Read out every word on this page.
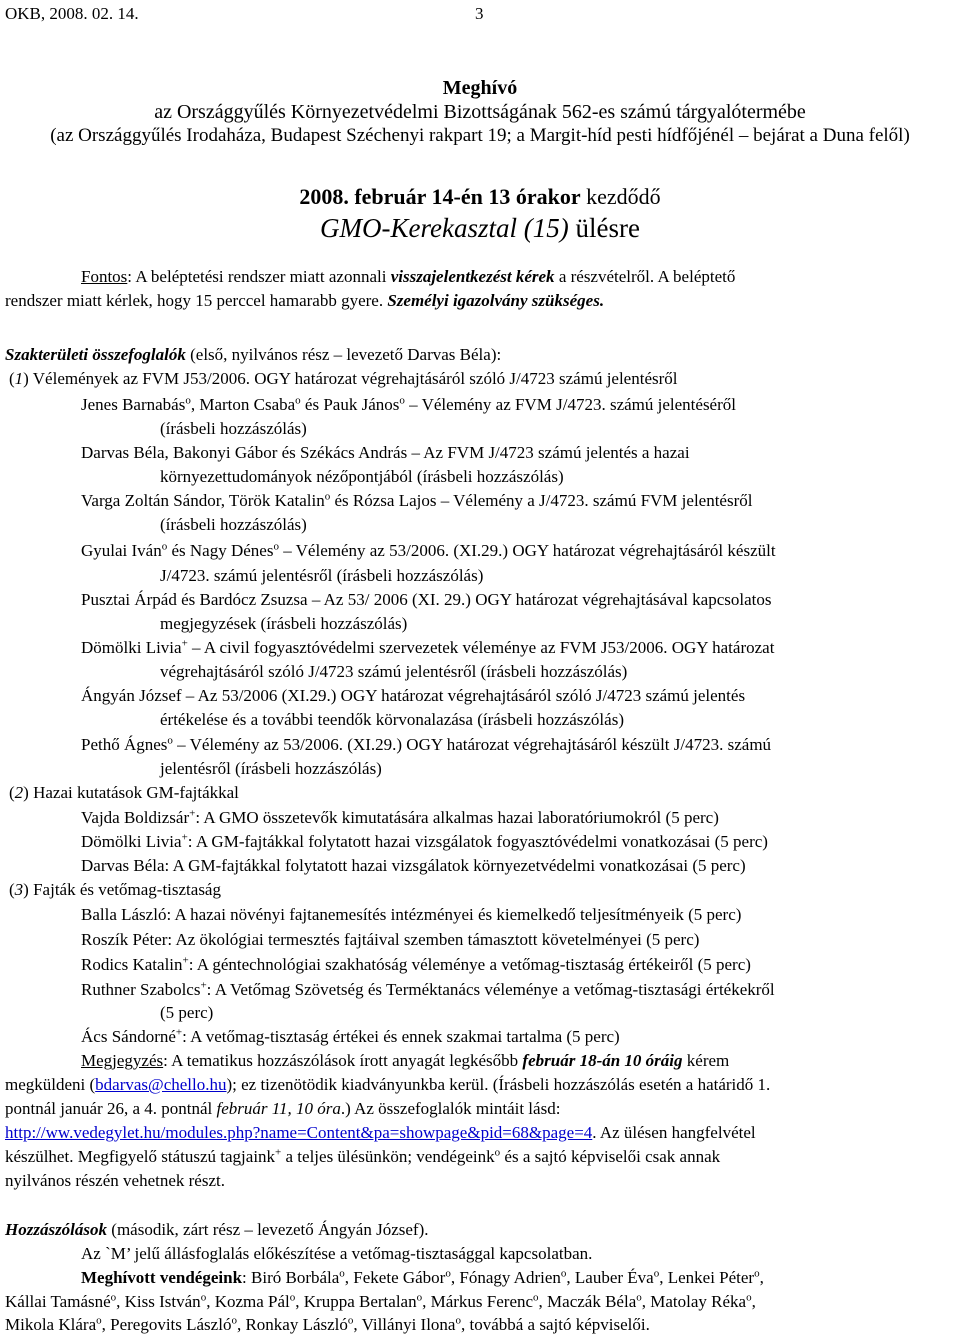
OKB, 2008. 02. 14.	3
Meghívó
az Országgyűlés Környezetvédelmi Bizottságának 562-es számú tárgyalótermébe
(az Országgyűlés Irodaháza, Budapest Széchenyi rakpart 19; a Margit-híd pesti hídfőjénél – bejárat a Duna felől)
2008. február 14-én 13 órakor kezdődő
GMO-Kerekasztal (15) ülésre
Fontos: A beléptetési rendszer miatt azonnali visszajelentkezést kérek a részvételről. A beléptető
rendszer miatt kérlek, hogy 15 perccel hamarabb gyere. Személyi igazolvány szükséges.
Szakterületi összefoglalók (első, nyilvános rész – levezető Darvas Béla):
(1) Vélemények az FVM J53/2006. OGY határozat végrehajtásáról szóló J/4723 számú jelentésről
Jenes Barnabás$^o$, Marton Csaba$^o$ és Pauk János$^o$ – Vélemény az FVM J/4723. számú jelentéséről
(írásbeli hozzászólás)
Darvas Béla, Bakonyi Gábor és Székács András – Az FVM J/4723 számú jelentés a hazai
környezettudományok nézőpontjából (írásbeli hozzászólás)
Varga Zoltán Sándor, Török Katalin$^o$ és Rózsa Lajos – Vélemény a J/4723. számú FVM jelentésről
(írásbeli hozzászólás)
Gyulai Iván$^o$ és Nagy Dénes$^o$ – Vélemény az 53/2006. (XI.29.) OGY határozat végrehajtásáról készült
J/4723. számú jelentésről (írásbeli hozzászólás)
Pusztai Árpád és Bardócz Zsuzsa – Az 53/ 2006 (XI. 29.) OGY határozat végrehajtásával kapcsolatos
megjegyzések (írásbeli hozzászólás)
Dömölki Livia+ – A civil fogyasztóvédelmi szervezetek véleménye az FVM J53/2006. OGY határozat
végrehajtásáról szóló J/4723 számú jelentésről (írásbeli hozzászólás)
Ángyán József – Az 53/2006 (XI.29.) OGY határozat végrehajtásáról szóló J/4723 számú jelentés
értékelése és a további teendők körvonalazása (írásbeli hozzászólás)
Pethő Ágnes$^o$ – Vélemény az 53/2006. (XI.29.) OGY határozat végrehajtásáról készült J/4723. számú
jelentésről (írásbeli hozzászólás)
(2) Hazai kutatások GM-fajtákkal
Vajda Boldizsár+: A GMO összetevők kimutatására alkalmas hazai laboratóriumokról (5 perc)
Dömölki Livia+: A GM-fajtákkal folytatott hazai vizsgálatok fogyasztóvédelmi vonatkozásai (5 perc)
Darvas Béla: A GM-fajtákkal folytatott hazai vizsgálatok környezetvédelmi vonatkozásai (5 perc)
(3) Fajták és vetőmag-tisztaság
Balla László: A hazai növényi fajtanemesítés intézményei és kiemelkedő teljesítményeik (5 perc)
Roszík Péter: Az ökológiai termesztés fajtáival szemben támasztott követelményei (5 perc)
Rodics Katalin+: A géntechnológiai szakhatóság véleménye a vetőmag-tisztaság értékeiről (5 perc)
Ruthner Szabolcs+: A Vetőmag Szövetség és Terméktanács véleménye a vetőmag-tisztasági értékekről
(5 perc)
Ács Sándorné+: A vetőmag-tisztaság értékei és ennek szakmai tartalma (5 perc)
Megjegyzés: A tematikus hozzászólások írott anyagát legkésőbb február 18-án 10 óráig kérem
megküldeni (bdarvas@chello.hu); ez tizenötödik kiadványunkba kerül. (Írásbeli hozzászólás esetén a határidő 1.
pontnál január 26, a 4. pontnál február 11, 10 óra.) Az összefoglalók mintáit lásd:
http://ww.vedegylet.hu/modules.php?name=Content&pa=showpage&pid=68&page=4. Az ülésen hangfelvétel
készülhet. Megfigyelő státuszú tagjaink+ a teljes ülésünkön; vendégeink$^o$ és a sajtó képviselői csak annak
nyilvános részén vehetnek részt.
Hozzászólások (második, zárt rész – levezető Ángyán József).
Az `M’ jelű állásfoglalás előkészítése a vetőmag-tisztasággal kapcsolatban.
Meghívott vendégeink: Biró Borbála$^o$, Fekete Gábor$^o$, Fónagy Adrien$^o$, Lauber Éva$^o$, Lenkei Péter$^o$,
Kállai Tamásné$^o$, Kiss István$^o$, Kozma Pál$^o$, Kruppa Bertalan$^o$, Márkus Ferenc$^o$, Maczák Béla$^o$, Matolay Réka$^o$,
Mikola Klára$^o$, Peregovits László$^o$, Ronkay László$^o$, Villányi Ilona$^o$, továbbá a sajtó képviselői.
